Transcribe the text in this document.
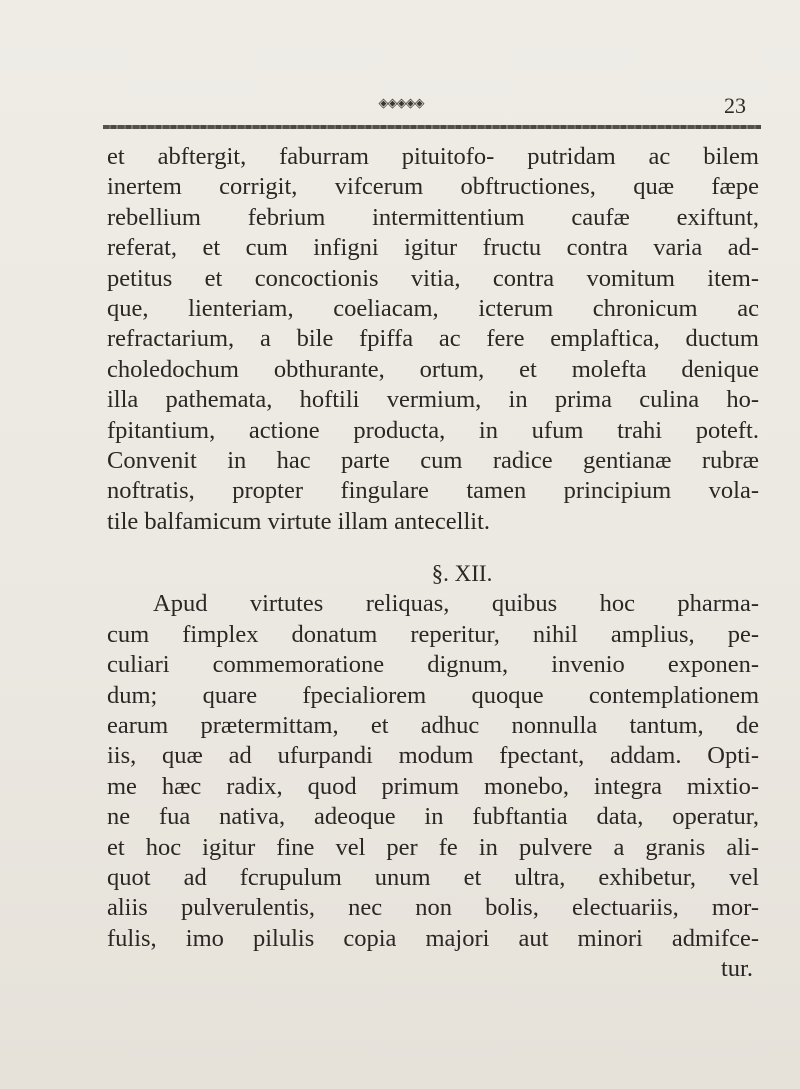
◈◈◈◈◈	23
et abftergit, faburram pituitofo- putridam ac bilem
inertem corrigit, vifcerum obftructiones, quæ fæpe
rebellium febrium intermittentium caufæ exiftunt,
referat, et cum infigni igitur fructu contra varia ad-
petitus et concoctionis vitia, contra vomitum item-
que, lienteriam, coeliacam, icterum chronicum ac
refractarium, a bile fpiffa ac fere emplaftica, ductum
choledochum obthurante, ortum, et molefta denique
illa pathemata, hoftili vermium, in prima culina ho-
fpitantium, actione producta, in ufum trahi poteft.
Convenit in hac parte cum radice gentianæ rubræ
noftratis, propter fingulare tamen principium vola-
tile balfamicum virtute illam antecellit.
§. XII.
Apud virtutes reliquas, quibus hoc pharma-
cum fimplex donatum reperitur, nihil amplius, pe-
culiari commemoratione dignum, invenio exponen-
dum; quare fpecialiorem quoque contemplationem
earum prætermittam, et adhuc nonnulla tantum, de
iis, quæ ad ufurpandi modum fpectant, addam. Opti-
me hæc radix, quod primum monebo, integra mixtio-
ne fua nativa, adeoque in fubftantia data, operatur,
et hoc igitur fine vel per fe in pulvere a granis ali-
quot ad fcrupulum unum et ultra, exhibetur, vel
aliis pulverulentis, nec non bolis, electuariis, mor-
fulis, imo pilulis copia majori aut minori admifce-
tur.
